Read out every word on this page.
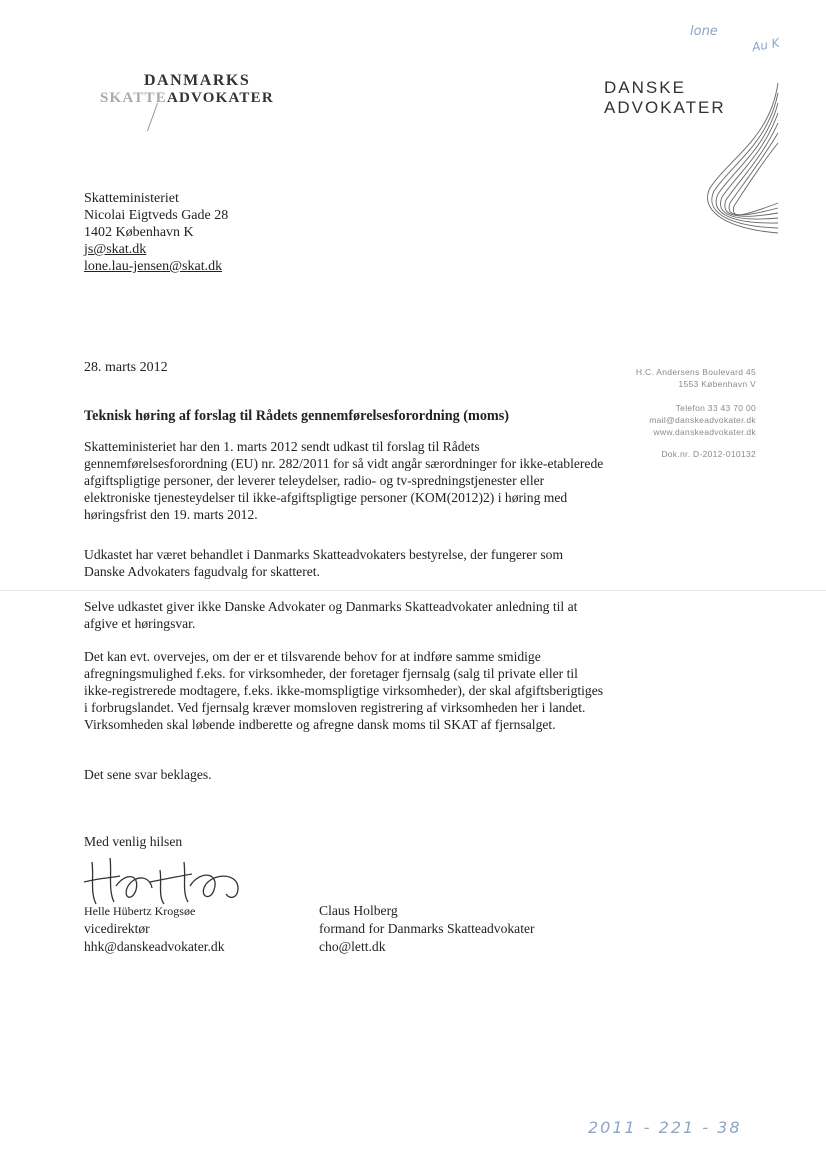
lone
Au K
DANMARKS
SKATTEADVOKATER
DANSKE
ADVOKATER
Skatteministeriet
Nicolai Eigtveds Gade 28
1402 København K
js@skat.dk
lone.lau-jensen@skat.dk
28. marts 2012	H.C. Andersens Boulevard 45
1553 København V
Telefon 33 43 70 00
mail@danskeadvokater.dk
www.danskeadvokater.dk
Dok.nr. D-2012-010132
Teknisk høring af forslag til Rådets gennemførelsesforordning (moms)

Skatteministeriet har den 1. marts 2012 sendt udkast til forslag til Rådets gennemførelsesforordning (EU) nr. 282/2011 for så vidt angår særordninger for ikke-etablerede afgiftspligtige personer, der leverer teleydelser, radio- og tv-spredningstjenester eller elektroniske tjenesteydelser til ikke-afgiftspligtige personer (KOM(2012)2) i høring med høringsfrist den 19. marts 2012.

Udkastet har været behandlet i Danmarks Skatteadvokaters bestyrelse, der fungerer som Danske Advokaters fagudvalg for skatteret.

Selve udkastet giver ikke Danske Advokater og Danmarks Skatteadvokater anledning til at afgive et høringsvar.

Det kan evt. overvejes, om der er et tilsvarende behov for at indføre samme smidige afregningsmulighed f.eks. for virksomheder, der foretager fjernsalg (salg til private eller til ikke-registrerede modtagere, f.eks. ikke-momspligtige virksomheder), der skal afgiftsberigtiges i forbrugslandet. Ved fjernsalg kræver momsloven registrering af virksomheden her i landet. Virksomheden skal løbende indberette og afregne dansk moms til SKAT af fjernsalget.

Det sene svar beklages.

Med venlig hilsen
Helle Hübertz Krogsøe
vicedirektør
hhk@danskeadvokater.dk
Claus Holberg
formand for Danmarks Skatteadvokater
cho@lett.dk
2011 - 221 - 38
